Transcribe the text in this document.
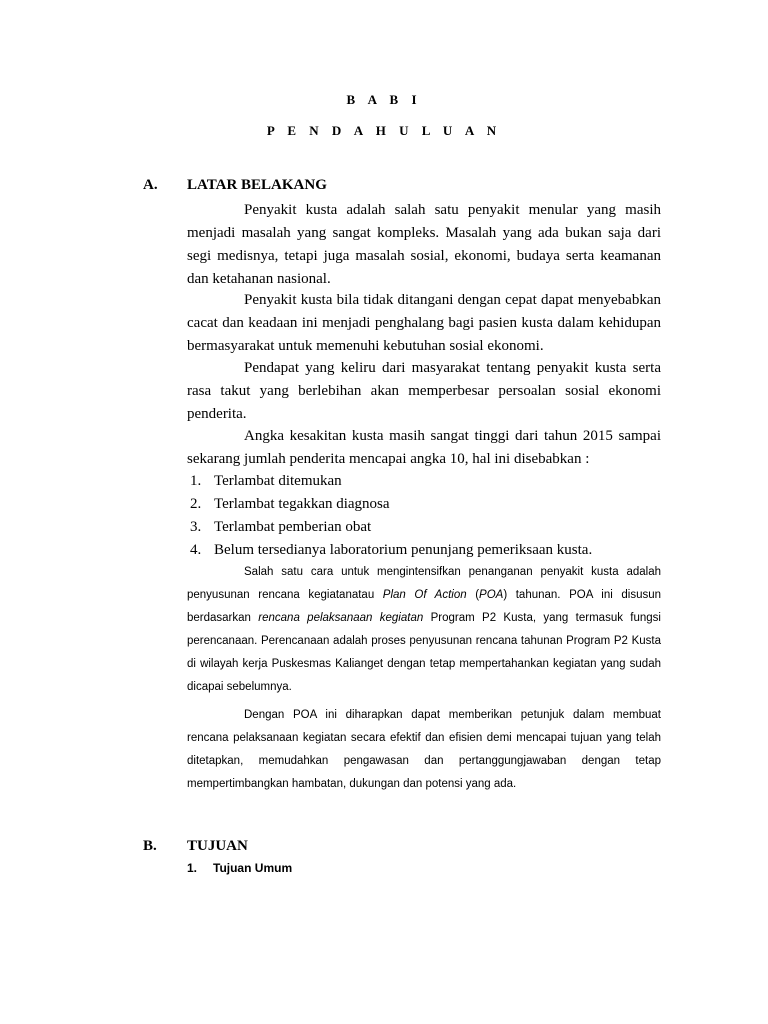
B A B I
P E N D A H U L U A N
A. LATAR BELAKANG
Penyakit kusta adalah salah satu penyakit menular yang masih menjadi masalah yang sangat kompleks. Masalah yang ada bukan saja dari segi medisnya, tetapi juga masalah sosial, ekonomi, budaya serta keamanan dan ketahanan nasional.
Penyakit kusta bila tidak ditangani dengan cepat dapat menyebabkan cacat dan keadaan ini menjadi penghalang bagi pasien kusta dalam kehidupan bermasyarakat untuk memenuhi kebutuhan sosial ekonomi.
Pendapat yang keliru dari masyarakat tentang penyakit kusta serta rasa takut yang berlebihan akan memperbesar persoalan sosial ekonomi penderita.
Angka kesakitan kusta masih sangat tinggi dari tahun 2015 sampai sekarang jumlah penderita mencapai angka 10, hal ini disebabkan :
1. Terlambat ditemukan
2. Terlambat tegakkan diagnosa
3. Terlambat pemberian obat
4. Belum tersedianya laboratorium penunjang pemeriksaan kusta.
Salah satu cara untuk mengintensifkan penanganan penyakit kusta adalah penyusunan rencana kegiatanatau Plan Of Action (POA) tahunan. POA ini disusun berdasarkan rencana pelaksanaan kegiatan Program P2 Kusta, yang termasuk fungsi perencanaan. Perencanaan adalah proses penyusunan rencana tahunan Program P2 Kusta di wilayah kerja Puskesmas Kalianget dengan tetap mempertahankan kegiatan yang sudah dicapai sebelumnya.
Dengan POA ini diharapkan dapat memberikan petunjuk dalam membuat rencana pelaksanaan kegiatan secara efektif dan efisien demi mencapai tujuan yang telah ditetapkan, memudahkan pengawasan dan pertanggungjawaban dengan tetap mempertimbangkan hambatan, dukungan dan potensi yang ada.
B. TUJUAN
1. Tujuan Umum
